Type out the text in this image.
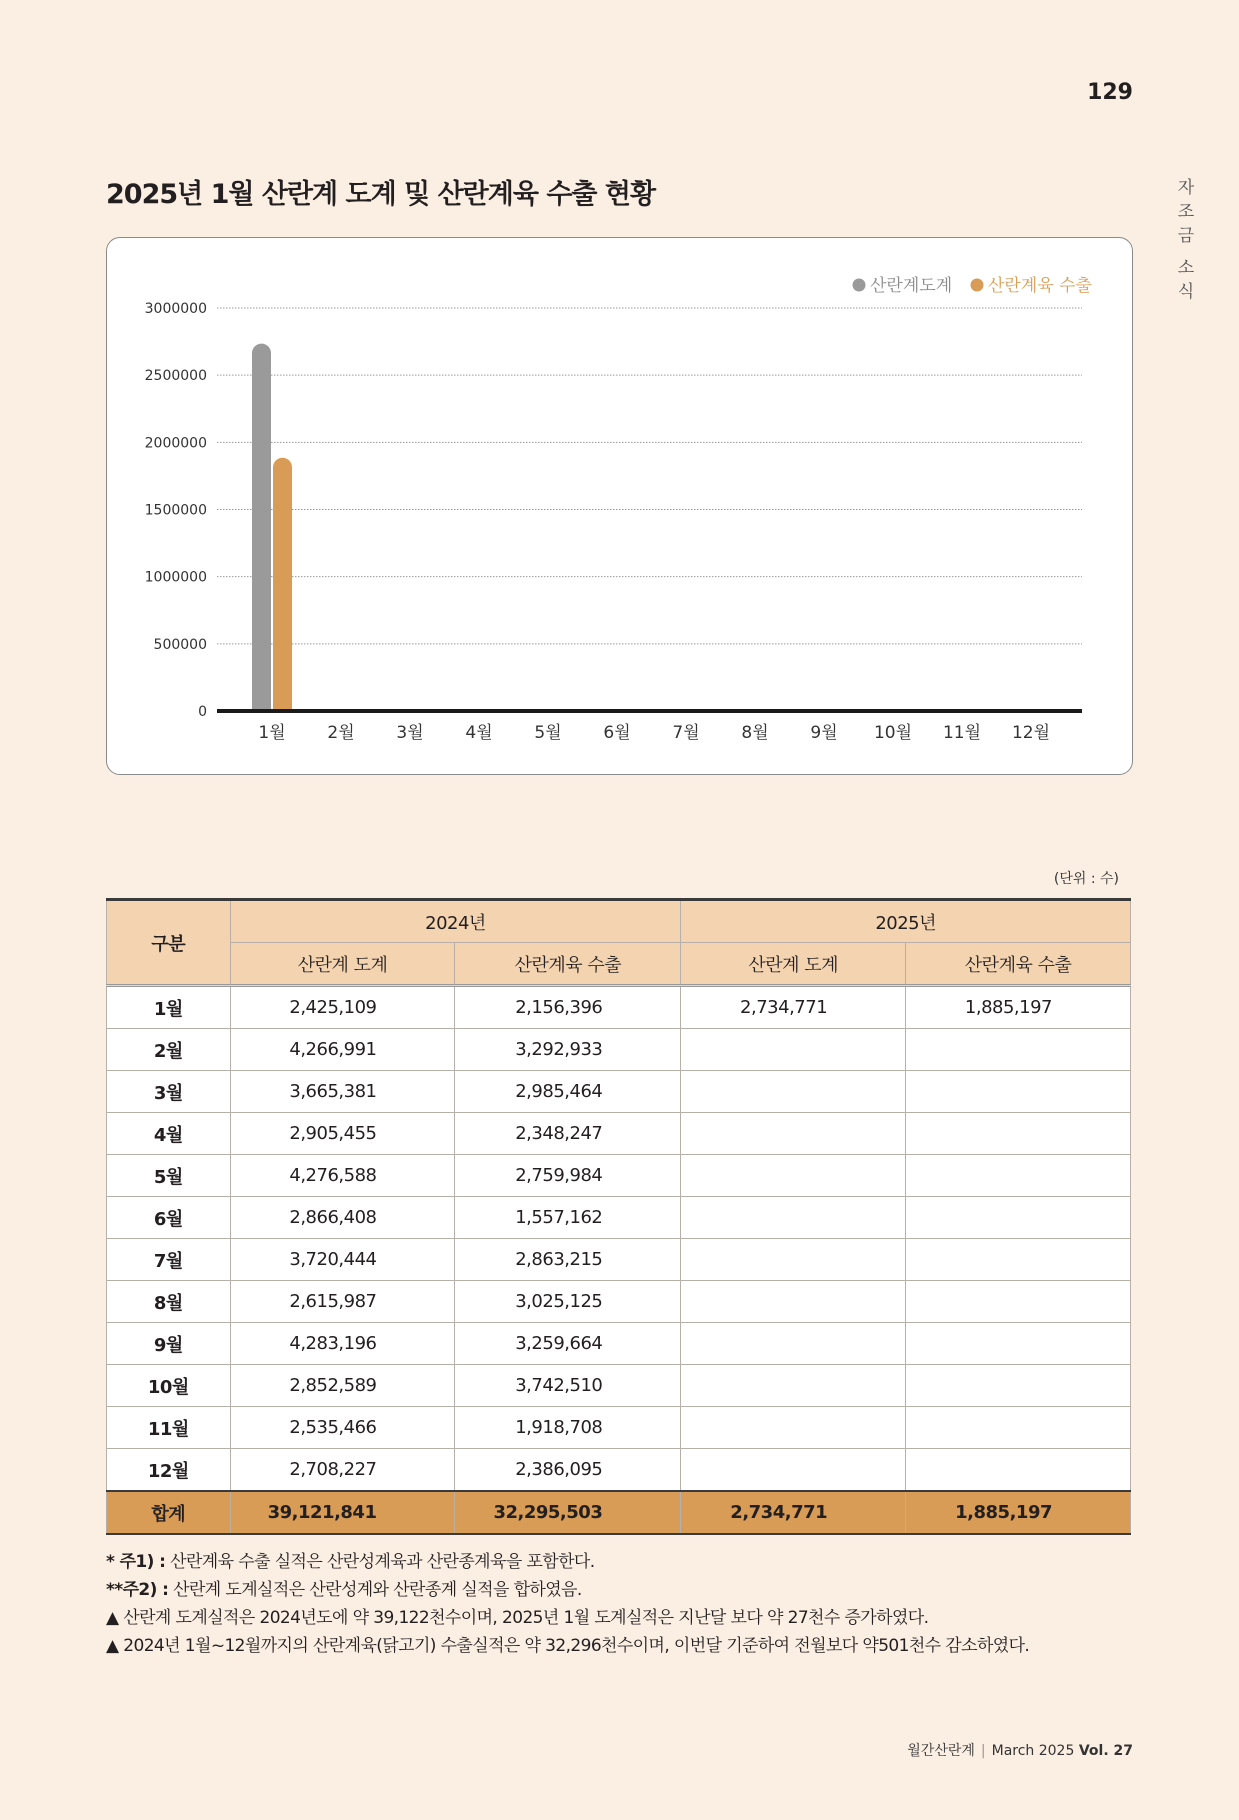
129
자
조
금
소
식
2025년 1월 산란계 도계 및 산란계육 수출 현황
0
500000
1000000
1500000
2000000
2500000
3000000
1월 2월 3월 4월 5월 6월 7월 8월 9월 10월 11월 12월
산란계도계 산란계육 수출
(단위 : 수)
구분	2024년		2025년	
	산란계 도계	산란계육 수출	산란계 도계	산란계육 수출
1월	2,425,109	2,156,396	2,734,771	1,885,197
2월	4,266,991	3,292,933		
3월	3,665,381	2,985,464		
4월	2,905,455	2,348,247		
5월	4,276,588	2,759,984		
6월	2,866,408	1,557,162		
7월	3,720,444	2,863,215		
8월	2,615,987	3,025,125		
9월	4,283,196	3,259,664		
10월	2,852,589	3,742,510		
11월	2,535,466	1,918,708		
12월	2,708,227	2,386,095		
합계	39,121,841	32,295,503	2,734,771	1,885,197
* 주1) : 산란계육 수출 실적은 산란성계육과 산란종계육을 포함한다.
**주2) : 산란계 도계실적은 산란성계와 산란종계 실적을 합하였음.
▲ 산란계 도계실적은 2024년도에 약 39,122천수이며, 2025년 1월 도계실적은 지난달 보다 약 27천수 증가하였다.
▲ 2024년 1월~12월까지의 산란계육(닭고기) 수출실적은 약 32,296천수이며, 이번달 기준하여 전월보다 약501천수 감소하였다.
월간산란계 | March 2025 Vol. 27
